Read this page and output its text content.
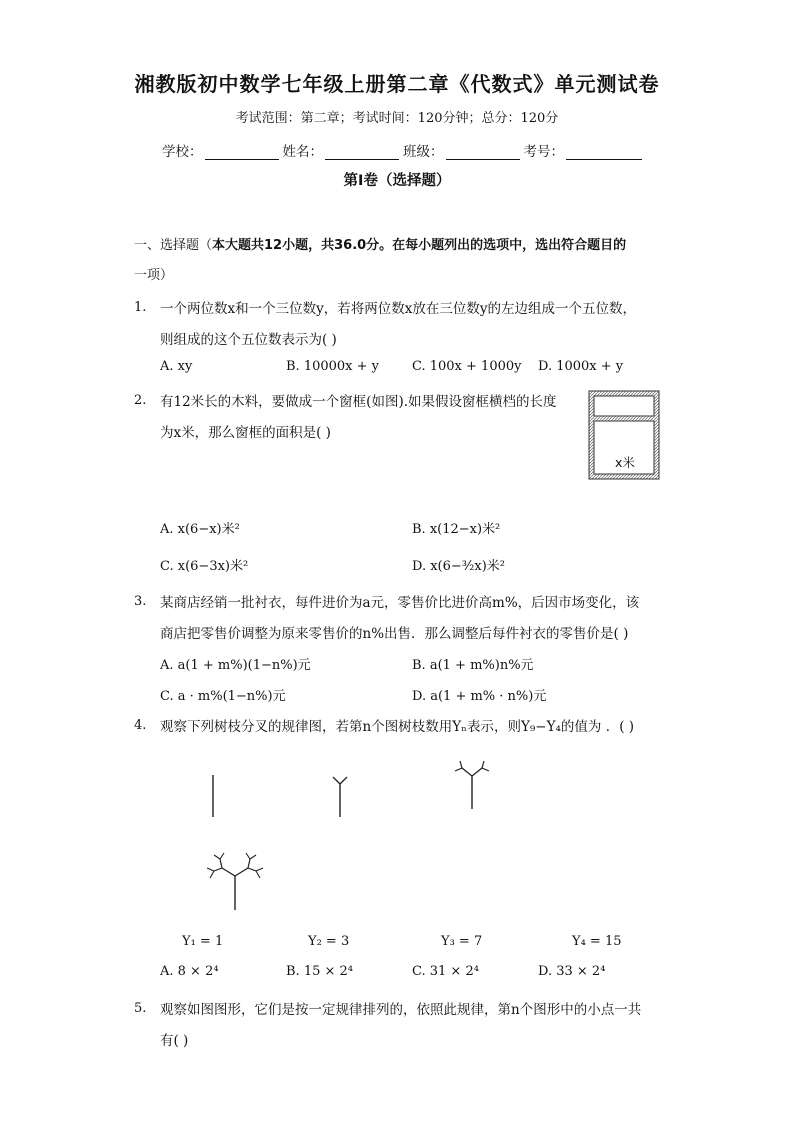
湘教版初中数学七年级上册第二章《代数式》单元测试卷
考试范围：第二章；考试时间：120分钟；总分：120分
学校：	姓名：	班级：	考号：
第Ⅰ卷（选择题）
一、选择题（本大题共12小题，共36.0分。在每小题列出的选项中，选出符合题目的
一项）
1. 一个两位数x和一个三位数y，若将两位数x放在三位数y的左边组成一个五位数，
则组成的这个五位数表示为( )
A. xy	B. 10000x + y	C. 100x + 1000y D. 1000x + y
2. 有12米长的木料，要做成一个窗框(如图).如果假设窗框横档的长度
为x米，那么窗框的面积是( )
x米
A. x(6−x)米²	B. x(12−x)米²
C. x(6−3x)米²	D. x(6−³⁄₂x)米²
3. 某商店经销一批衬衣，每件进价为a元，零售价比进价高m%，后因市场变化，该
商店把零售价调整为原来零售价的n%出售．那么调整后每件衬衣的零售价是( )
A. a(1 + m%)(1−n%)元	B. a(1 + m%)n%元
C. a · m%(1−n%)元	D. a(1 + m% · n%)元
4. 观察下列树枝分叉的规律图，若第n个图树枝数用Yₙ表示，则Y₉−Y₄的值为 ．( )
Y₁ = 1	Y₂ = 3	Y₃ = 7	Y₄ = 15
A. 8 × 2⁴	B. 15 × 2⁴	C. 31 × 2⁴	D. 33 × 2⁴
5. 观察如图图形，它们是按一定规律排列的，依照此规律，第n个图形中的小点一共
有( )
